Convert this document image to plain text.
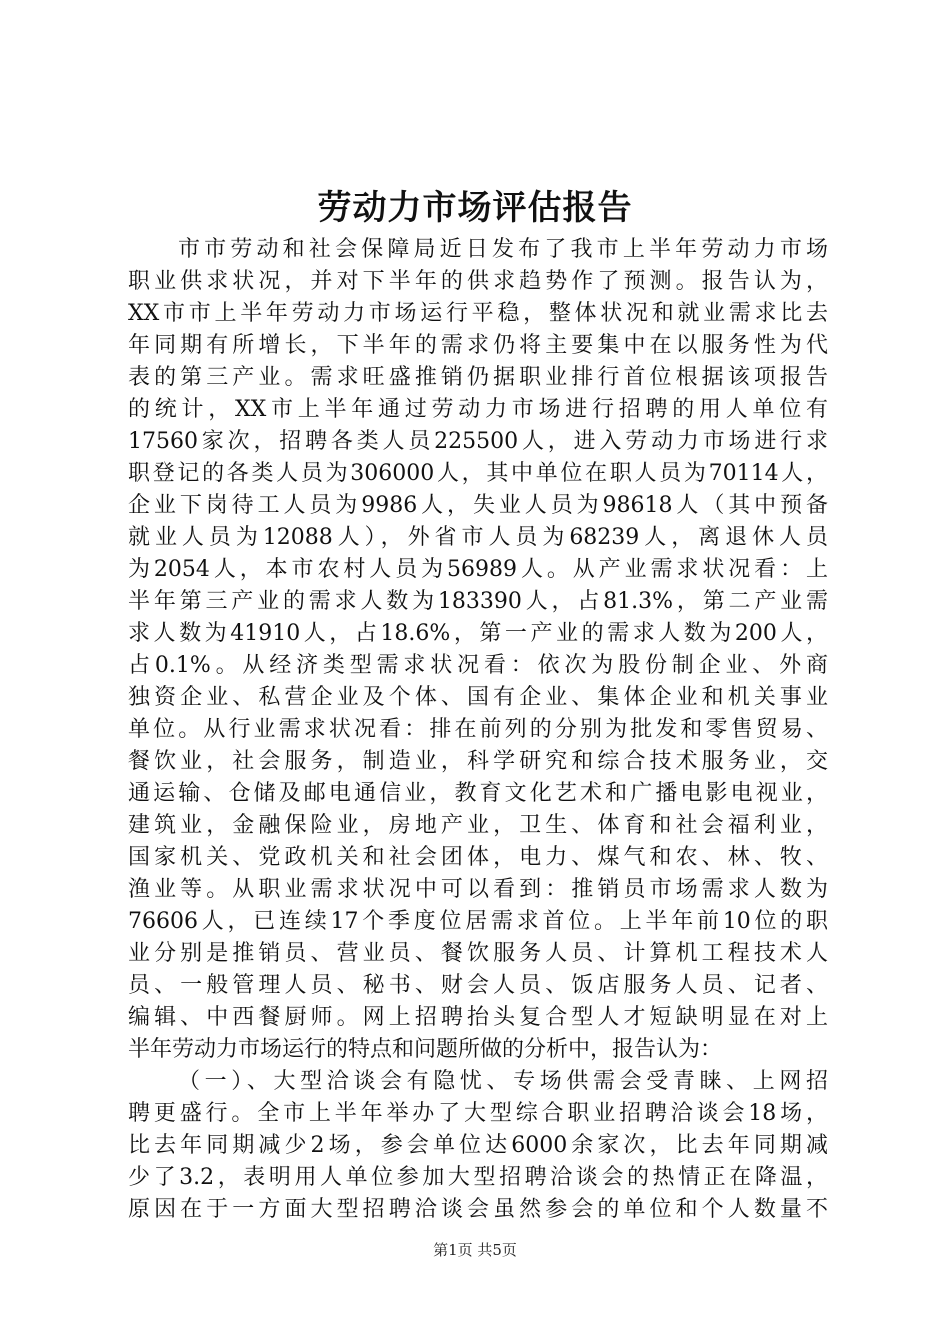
劳动力市场评估报告
市市劳动和社会保障局近日发布了我市上半年劳动力市场
职业供求状况，并对下半年的供求趋势作了预测。报告认为，
XX市市上半年劳动力市场运行平稳，整体状况和就业需求比去
年同期有所增长，下半年的需求仍将主要集中在以服务性为代
表的第三产业。需求旺盛推销仍据职业排行首位根据该项报告
的统计，XX市上半年通过劳动力市场进行招聘的用人单位有
17560家次，招聘各类人员225500人，进入劳动力市场进行求
职登记的各类人员为306000人，其中单位在职人员为70114人，
企业下岗待工人员为9986人，失业人员为98618人（其中预备
就业人员为12088人），外省市人员为68239人，离退休人员
为2054人，本市农村人员为56989人。从产业需求状况看：上
半年第三产业的需求人数为183390人，占81.3%，第二产业需
求人数为41910人，占18.6%，第一产业的需求人数为200人，
占0.1%。从经济类型需求状况看：依次为股份制企业、外商
独资企业、私营企业及个体、国有企业、集体企业和机关事业
单位。从行业需求状况看：排在前列的分别为批发和零售贸易、
餐饮业，社会服务，制造业，科学研究和综合技术服务业，交
通运输、仓储及邮电通信业，教育文化艺术和广播电影电视业，
建筑业，金融保险业，房地产业，卫生、体育和社会福利业，
国家机关、党政机关和社会团体，电力、煤气和农、林、牧、
渔业等。从职业需求状况中可以看到：推销员市场需求人数为
76606人，已连续17个季度位居需求首位。上半年前10位的职
业分别是推销员、营业员、餐饮服务人员、计算机工程技术人
员、一般管理人员、秘书、财会人员、饭店服务人员、记者、
编辑、中西餐厨师。网上招聘抬头复合型人才短缺明显在对上
半年劳动力市场运行的特点和问题所做的分析中，报告认为：
（一）、大型洽谈会有隐忧、专场供需会受青睐、上网招
聘更盛行。全市上半年举办了大型综合职业招聘洽谈会18场，
比去年同期减少2场，参会单位达6000余家次，比去年同期减
少了3.2，表明用人单位参加大型招聘洽谈会的热情正在降温，
原因在于一方面大型招聘洽谈会虽然参会的单位和个人数量不
第1页 共5页
